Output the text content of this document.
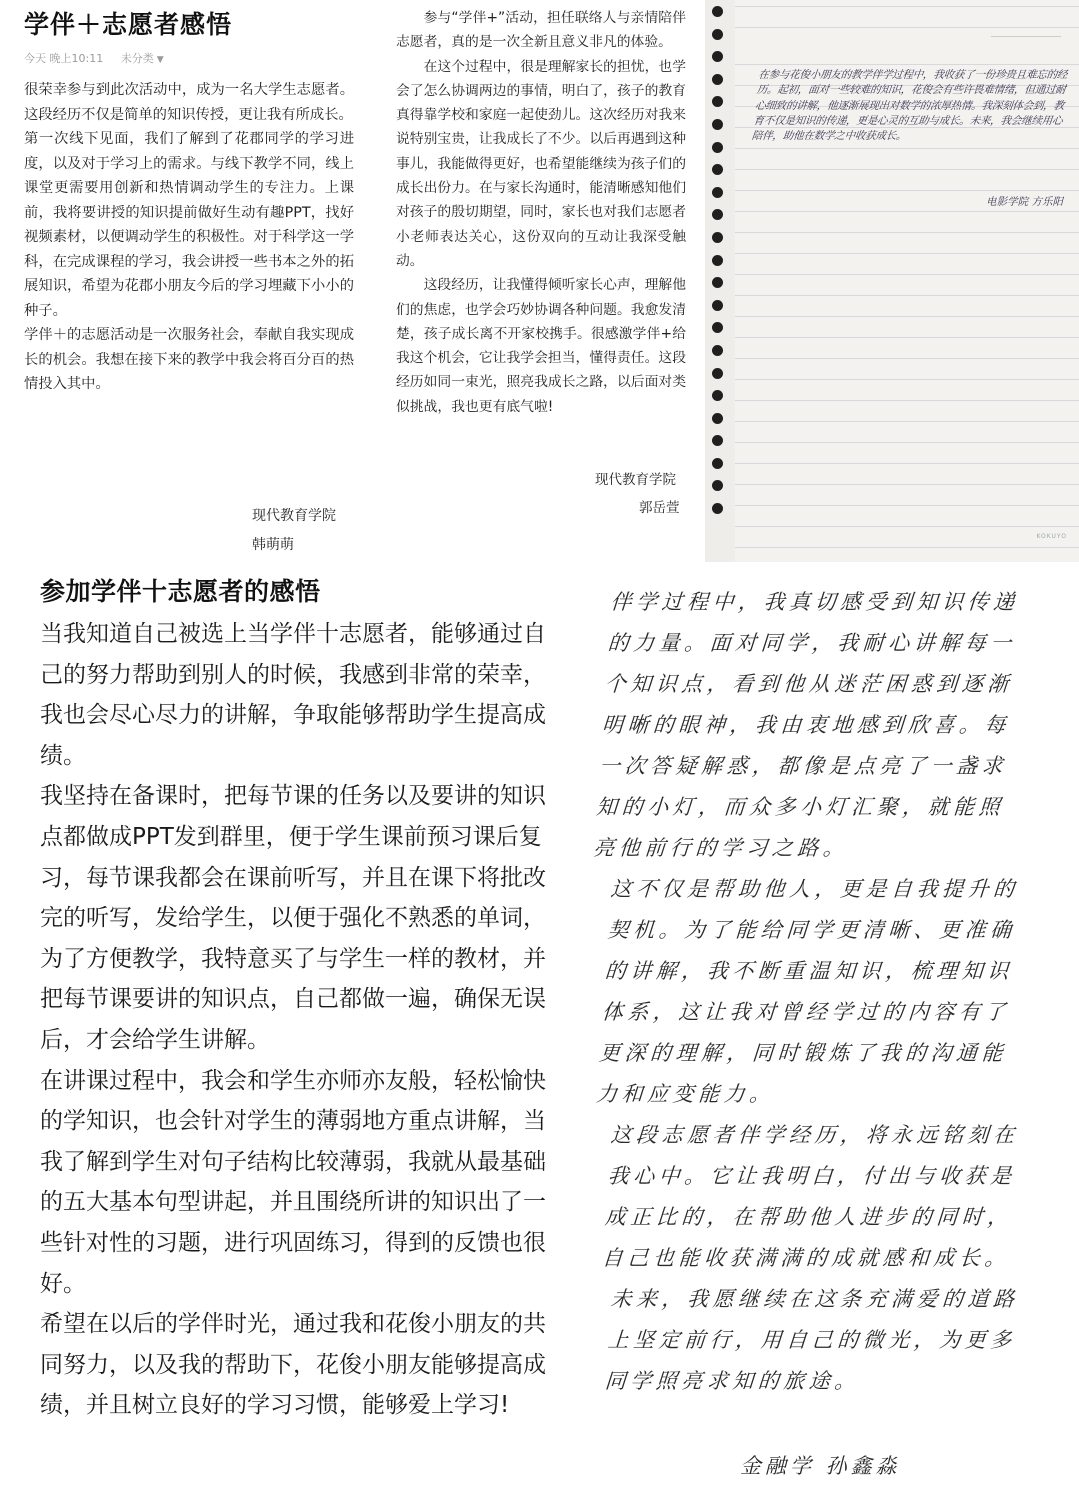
学伴＋志愿者感悟
今天 晚上10:11 未分类 ▼

很荣幸参与到此次活动中，成为一名大学生志愿者。这段经历不仅是简单的知识传授，更让我有所成长。

第一次线下见面，我们了解到了花郡同学的学习进度，以及对于学习上的需求。与线下教学不同，线上课堂更需要用创新和热情调动学生的专注力。上课前，我将要讲授的知识提前做好生动有趣PPT，找好视频素材，以便调动学生的积极性。对于科学这一学科，在完成课程的学习，我会讲授一些书本之外的拓展知识，希望为花郡小朋友今后的学习埋藏下小小的种子。

学伴＋的志愿活动是一次服务社会，奉献自我实现成长的机会。我想在接下来的教学中我会将百分百的热情投入其中。

现代教育学院
韩萌萌

参与“学伴+”活动，担任联络人与亲情陪伴志愿者，真的是一次全新且意义非凡的体验。

在这个过程中，很是理解家长的担忧，也学会了怎么协调两边的事情，明白了，孩子的教育真得靠学校和家庭一起使劲儿。这次经历对我来说特别宝贵，让我成长了不少。以后再遇到这种事儿，我能做得更好，也希望能继续为孩子们的成长出份力。在与家长沟通时，能清晰感知他们对孩子的殷切期望，同时，家长也对我们志愿者小老师表达关心，这份双向的互动让我深受触动。

这段经历，让我懂得倾听家长心声，理解他们的焦虑，也学会巧妙协调各种问题。我愈发清楚，孩子成长离不开家校携手。很感激学伴+给我这个机会，它让我学会担当，懂得责任。这段经历如同一束光，照亮我成长之路，以后面对类似挑战，我也更有底气啦!

现代教育学院
郭岳萱
在参与花俊小朋友的教学伴学过程中，我收获了一份珍贵且难忘的经历。起初，面对一些较难的知识，花俊会有些许畏难情绪，但通过耐心细致的讲解，他逐渐展现出对数学的浓厚热情。我深刻体会到，教育不仅是知识的传递，更是心灵的互助与成长。未来，我会继续用心陪伴，助他在数学之中收获成长。
电影学院 方乐阳
KOKUYO
参加学伴十志愿者的感悟

当我知道自己被选上当学伴十志愿者，能够通过自己的努力帮助到别人的时候，我感到非常的荣幸，我也会尽心尽力的讲解，争取能够帮助学生提高成绩。

我坚持在备课时，把每节课的任务以及要讲的知识点都做成PPT发到群里，便于学生课前预习课后复习，每节课我都会在课前听写，并且在课下将批改完的听写，发给学生，以便于强化不熟悉的单词，为了方便教学，我特意买了与学生一样的教材，并把每节课要讲的知识点，自己都做一遍，确保无误后，才会给学生讲解。

在讲课过程中，我会和学生亦师亦友般，轻松愉快的学知识，也会针对学生的薄弱地方重点讲解，当我了解到学生对句子结构比较薄弱，我就从最基础的五大基本句型讲起，并且围绕所讲的知识出了一些针对性的习题，进行巩固练习，得到的反馈也很好。

希望在以后的学伴时光，通过我和花俊小朋友的共同努力，以及我的帮助下，花俊小朋友能够提高成绩，并且树立良好的学习习惯，能够爱上学习!

伴学过程中，我真切感受到知识传递的力量。面对同学，我耐心讲解每一个知识点，看到他从迷茫困惑到逐渐明晰的眼神，我由衷地感到欣喜。每一次答疑解惑，都像是点亮了一盏求知的小灯，而众多小灯汇聚，就能照亮他前行的学习之路。

这不仅是帮助他人，更是自我提升的契机。为了能给同学更清晰、更准确的讲解，我不断重温知识，梳理知识体系，这让我对曾经学过的内容有了更深的理解，同时锻炼了我的沟通能力和应变能力。

这段志愿者伴学经历，将永远铭刻在我心中。它让我明白，付出与收获是成正比的，在帮助他人进步的同时，自己也能收获满满的成就感和成长。

未来，我愿继续在这条充满爱的道路上坚定前行，用自己的微光，为更多同学照亮求知的旅途。

金融学 孙鑫淼
